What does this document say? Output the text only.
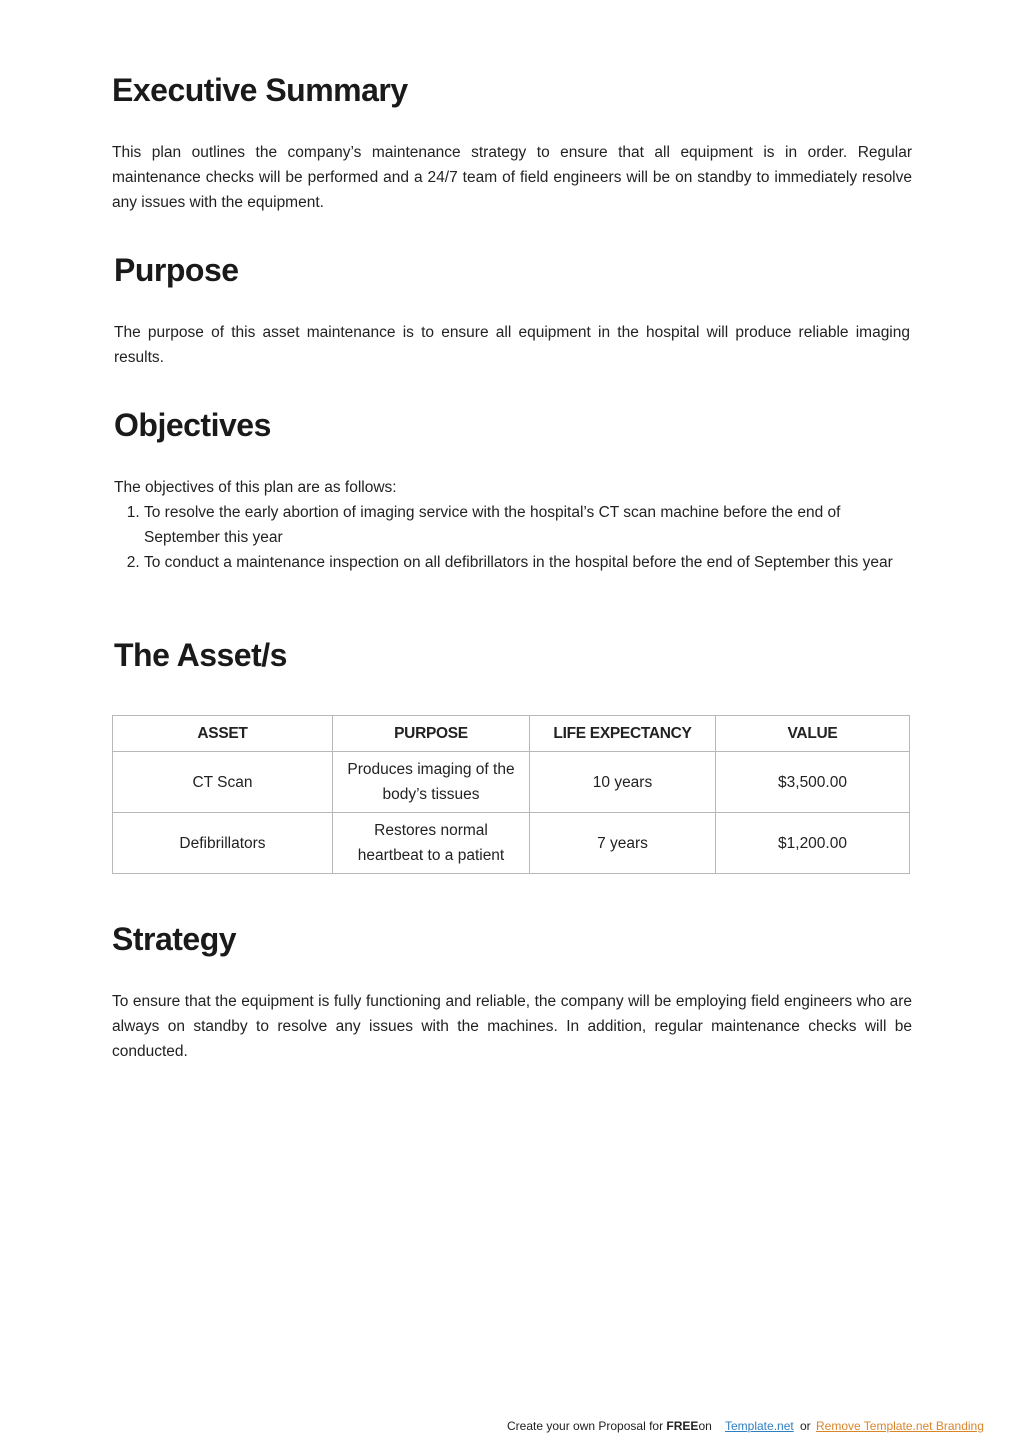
Executive Summary

This plan outlines the company’s maintenance strategy to ensure that all equipment is in order. Regular maintenance checks will be performed and a 24/7 team of field engineers will be on standby to immediately resolve any issues with the equipment.

Purpose

The purpose of this asset maintenance is to ensure all equipment in the hospital will produce reliable imaging results.

Objectives

The objectives of this plan are as follows:

1. To resolve the early abortion of imaging service with the hospital’s CT scan machine before the end of September this year
2. To conduct a maintenance inspection on all defibrillators in the hospital before the end of September this year
The Asset/s
ASSET	PURPOSE	LIFE EXPECTANCY	VALUE
CT Scan	Produces imaging of the body’s tissues	10 years	$3,500.00
Defibrillators	Restores normal heartbeat to a patient	7 years	$1,200.00
Strategy

To ensure that the equipment is fully functioning and reliable, the company will be employing field engineers who are always on standby to resolve any issues with the machines. In addition, regular maintenance checks will be conducted.

Create your own Proposal for FREEon Template.net or Remove Template.net Branding
